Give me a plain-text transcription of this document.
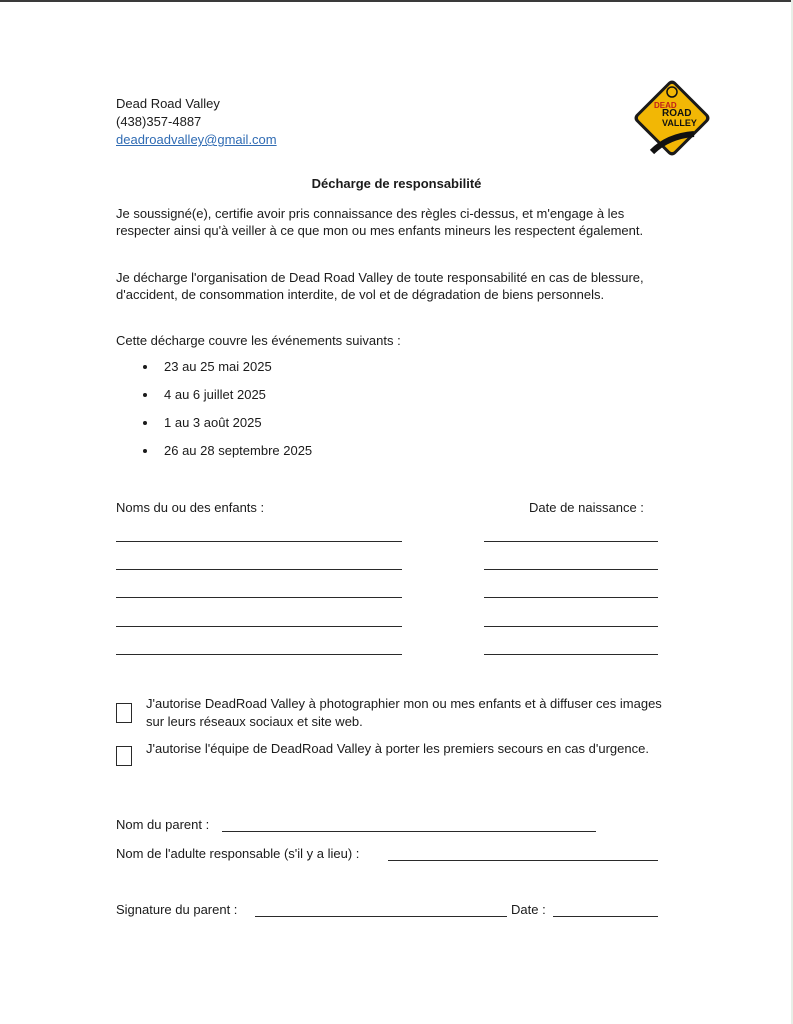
Dead Road Valley
(438)357-4887
deadroadvalley@gmail.com
DEAD
ROAD
VALLEY
Décharge de responsabilité
Je soussigné(e), certifie avoir pris connaissance des règles ci-dessus, et m'engage à les respecter ainsi qu'à veiller à ce que mon ou mes enfants mineurs les respectent également.
Je décharge l'organisation de Dead Road Valley de toute responsabilité en cas de blessure, d'accident, de consommation interdite, de vol et de dégradation de biens personnels.
Cette décharge couvre les événements suivants :
23 au 25 mai 2025
4 au 6 juillet 2025
1 au 3 août 2025
26 au 28 septembre 2025
Noms du ou des enfants :	Date de naissance :
J'autorise DeadRoad Valley à photographier mon ou mes enfants et à diffuser ces images sur leurs réseaux sociaux et site web.
J'autorise l'équipe de DeadRoad Valley à porter les premiers secours en cas d'urgence.
Nom du parent :
Nom de l'adulte responsable (s'il y a lieu) :
Signature du parent :	Date :
